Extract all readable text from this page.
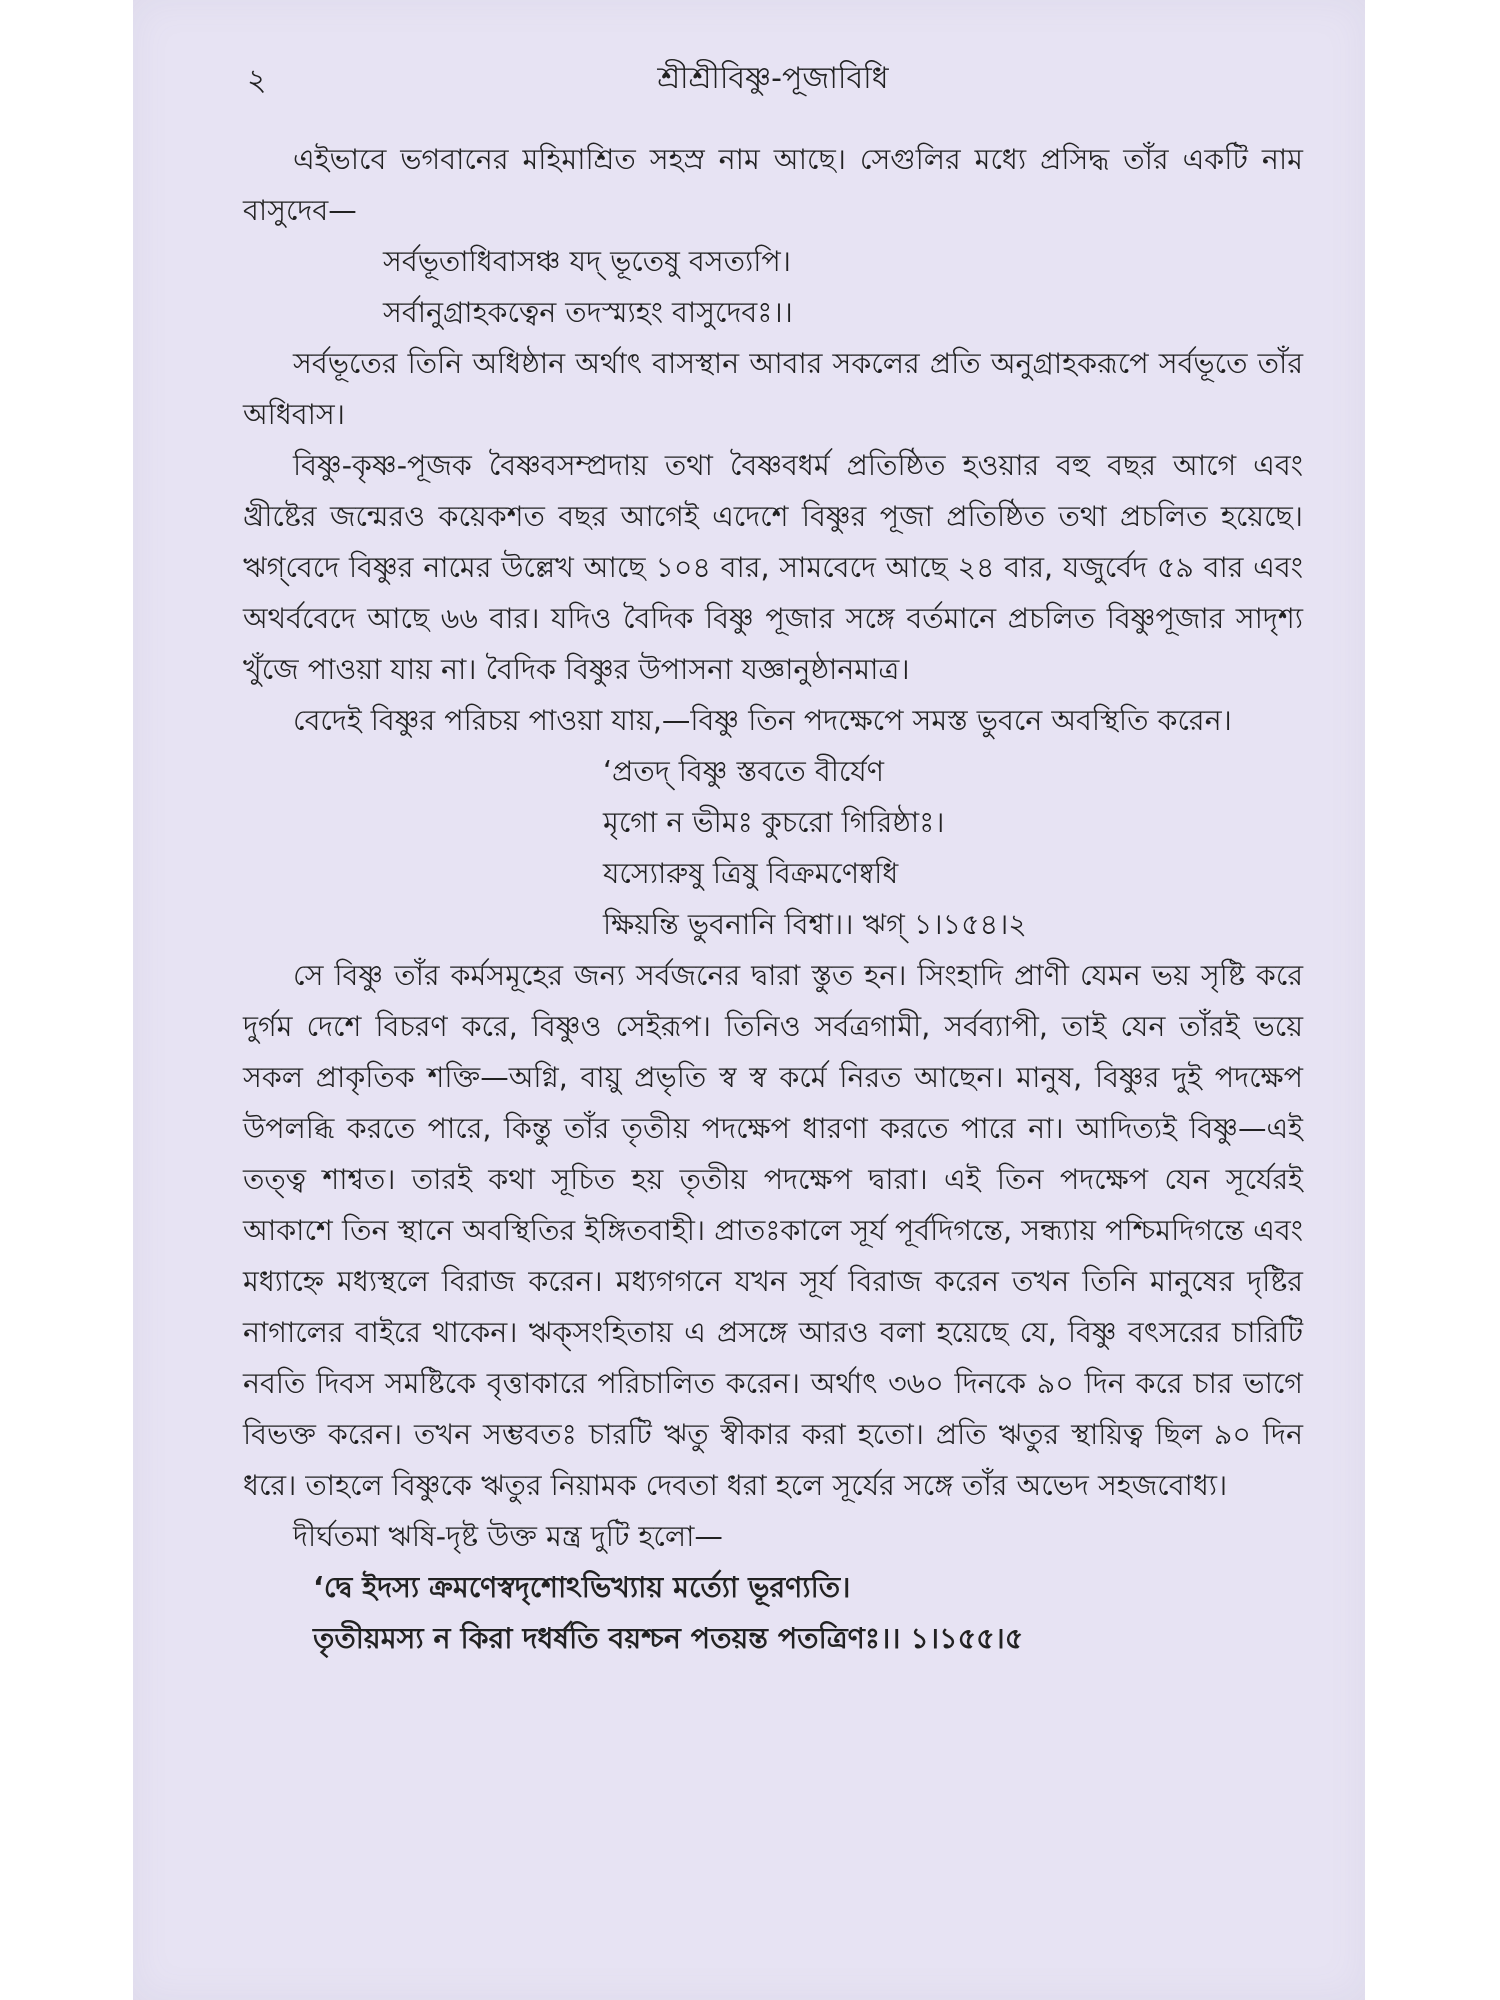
২	শ্রীশ্রীবিষ্ণু-পূজাবিধি

এইভাবে ভগবানের মহিমাশ্রিত সহস্র নাম আছে। সেগুলির মধ্যে প্রসিদ্ধ তাঁর একটি নাম বাসুদেব—

সর্বভূতাধিবাসঞ্চ যদ্ ভূতেষু বসত্যপি।
সর্বানুগ্রাহকত্বেন তদস্ম্যহং বাসুদেবঃ।।

সর্বভূতের তিনি অধিষ্ঠান অর্থাৎ বাসস্থান আবার সকলের প্রতি অনুগ্রাহকরূপে সর্বভূতে তাঁর অধিবাস।

বিষ্ণু-কৃষ্ণ-পূজক বৈষ্ণবসম্প্রদায় তথা বৈষ্ণবধর্ম প্রতিষ্ঠিত হওয়ার বহু বছর আগে এবং খ্রীষ্টের জন্মেরও কয়েকশত বছর আগেই এদেশে বিষ্ণুর পূজা প্রতিষ্ঠিত তথা প্রচলিত হয়েছে। ঋগ্‌বেদে বিষ্ণুর নামের উল্লেখ আছে ১০৪ বার, সামবেদে আছে ২৪ বার, যজুর্বেদ ৫৯ বার এবং অথর্ববেদে আছে ৬৬ বার। যদিও বৈদিক বিষ্ণু পূজার সঙ্গে বর্তমানে প্রচলিত বিষ্ণুপূজার সাদৃশ্য খুঁজে পাওয়া যায় না। বৈদিক বিষ্ণুর উপাসনা যজ্ঞানুষ্ঠানমাত্র।

বেদেই বিষ্ণুর পরিচয় পাওয়া যায়,—বিষ্ণু তিন পদক্ষেপে সমস্ত ভুবনে অবস্থিতি করেন।

‘প্রতদ্ বিষ্ণু স্তবতে বীর্যেণ
মৃগো ন ভীমঃ কুচরো গিরিষ্ঠাঃ।
যস্যোরুষু ত্রিষু বিক্রমণেষ্বধি
ক্ষিয়ন্তি ভুবনানি বিশ্বা।। ঋগ্ ১।১৫৪।২

সে বিষ্ণু তাঁর কর্মসমূহের জন্য সর্বজনের দ্বারা স্তুত হন। সিংহাদি প্রাণী যেমন ভয় সৃষ্টি করে দুর্গম দেশে বিচরণ করে, বিষ্ণুও সেইরূপ। তিনিও সর্বত্রগামী, সর্বব্যাপী, তাই যেন তাঁরই ভয়ে সকল প্রাকৃতিক শক্তি—অগ্নি, বায়ু প্রভৃতি স্ব স্ব কর্মে নিরত আছেন। মানুষ, বিষ্ণুর দুই পদক্ষেপ উপলব্ধি করতে পারে, কিন্তু তাঁর তৃতীয় পদক্ষেপ ধারণা করতে পারে না। আদিত্যই বিষ্ণু—এই তত্ত্ব শাশ্বত। তারই কথা সূচিত হয় তৃতীয় পদক্ষেপ দ্বারা। এই তিন পদক্ষেপ যেন সূর্যেরই আকাশে তিন স্থানে অবস্থিতির ইঙ্গিতবাহী। প্রাতঃকালে সূর্য পূর্বদিগন্তে, সন্ধ্যায় পশ্চিমদিগন্তে এবং মধ্যাহ্নে মধ্যস্থলে বিরাজ করেন। মধ্যগগনে যখন সূর্য বিরাজ করেন তখন তিনি মানুষের দৃষ্টির নাগালের বাইরে থাকেন। ঋক্‌সংহিতায় এ প্রসঙ্গে আরও বলা হয়েছে যে, বিষ্ণু বৎসরের চারিটি নবতি দিবস সমষ্টিকে বৃত্তাকারে পরিচালিত করেন। অর্থাৎ ৩৬০ দিনকে ৯০ দিন করে চার ভাগে বিভক্ত করেন। তখন সম্ভবতঃ চারটি ঋতু স্বীকার করা হতো। প্রতি ঋতুর স্থায়িত্ব ছিল ৯০ দিন ধরে। তাহলে বিষ্ণুকে ঋতুর নিয়ামক দেবতা ধরা হলে সূর্যের সঙ্গে তাঁর অভেদ সহজবোধ্য।

দীর্ঘতমা ঋষি-দৃষ্ট উক্ত মন্ত্র দুটি হলো—

‘দ্বে ইদস্য ক্রমণেস্বদৃশোঽভিখ্যায় মর্ত্যো ভূরণ্যতি।
তৃতীয়মস্য ন কিরা দধর্ষতি বয়শ্চন পতয়ন্ত পতত্রিণঃ।। ১।১৫৫।৫
